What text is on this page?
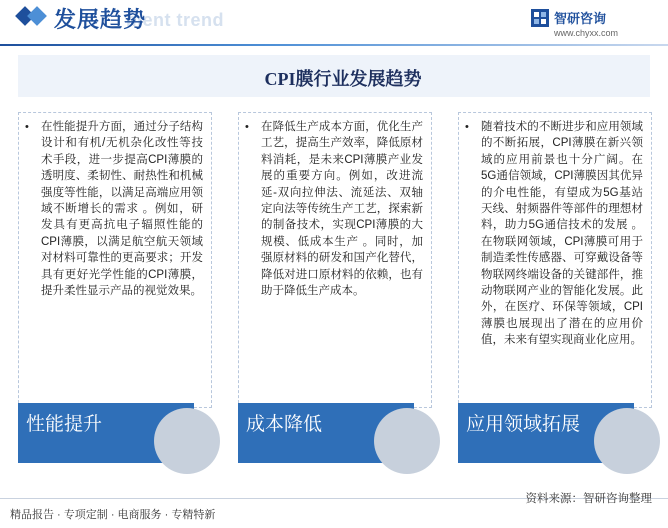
ment trend
发展趋势	智研咨询
www.chyxx.com
CPI膜行业发展趋势
• 在性能提升方面，通过分子结构设计和有机/无机杂化改性等技术手段，进一步提高CPI薄膜的透明度、柔韧性、耐热性和机械强度等性能，以满足高端应用领域不断增长的需求 。例如，研发具有更高抗电子辐照性能的CPI薄膜，以满足航空航天领域对材料可靠性的更高要求；开发具有更好光学性能的CPI薄膜，提升柔性显示产品的视觉效果。

性能提升
• 在降低生产成本方面，优化生产工艺，提高生产效率，降低原材料消耗，是未来CPI薄膜产业发展的重要方向。例如，改进流延-双向拉伸法、流延法、双轴定向法等传统生产工艺，探索新的制备技术，实现CPI薄膜的大规模、低成本生产 。同时，加强原材料的研发和国产化替代，降低对进口原材料的依赖，也有助于降低生产成本。

成本降低
• 随着技术的不断进步和应用领域的不断拓展，CPI薄膜在新兴领域的应用前景也十分广阔。在5G通信领域，CPI薄膜因其优异的介电性能，有望成为5G基站天线、射频器件等部件的理想材料，助力5G通信技术的发展 。在物联网领域，CPI薄膜可用于制造柔性传感器、可穿戴设备等物联网终端设备的关键部件，推动物联网产业的智能化发展。此外，在医疗、环保等领域，CPI薄膜也展现出了潜在的应用价值，未来有望实现商业化应用。

应用领域拓展
资料来源：智研咨询整理
精品报告 · 专项定制 · 电商服务 · 专精特新
